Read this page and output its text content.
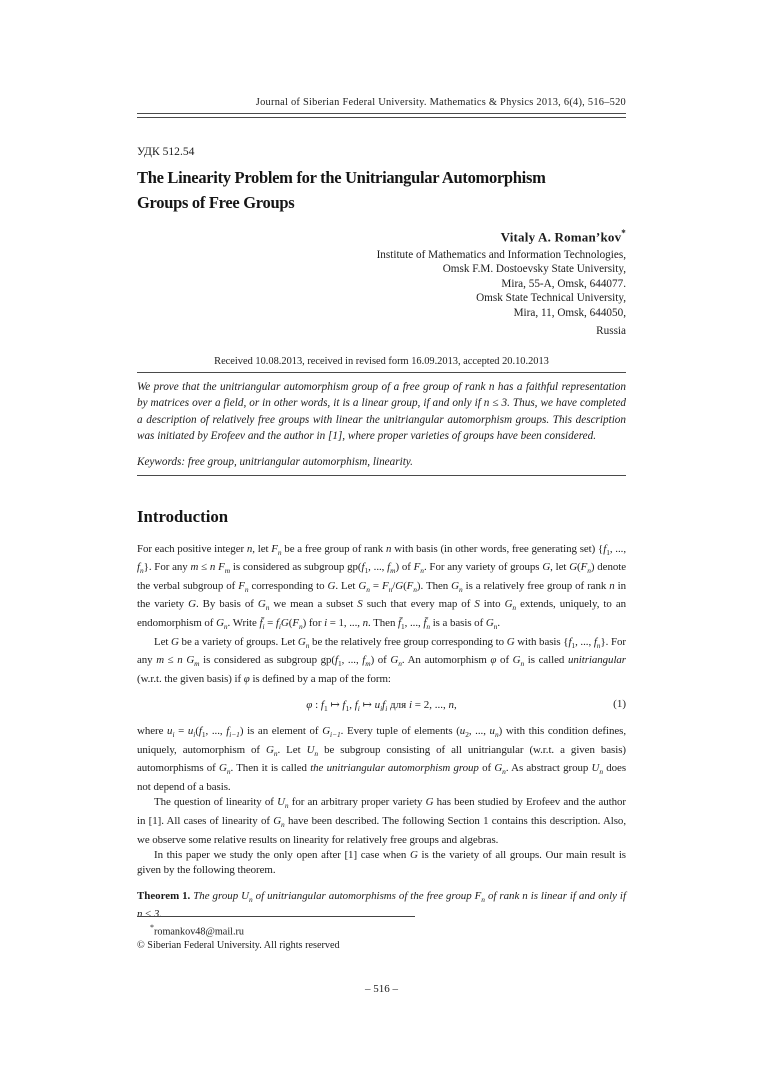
Journal of Siberian Federal University. Mathematics & Physics 2013, 6(4), 516–520
УДК 512.54
The Linearity Problem for the Unitriangular Automorphism
Groups of Free Groups
Vitaly A. Roman’kov*
Institute of Mathematics and Information Technologies,
Omsk F.M. Dostoevsky State University,
Mira, 55-A, Omsk, 644077.
Omsk State Technical University,
Mira, 11, Omsk, 644050,
Russia
Received 10.08.2013, received in revised form 16.09.2013, accepted 20.10.2013
We prove that the unitriangular automorphism group of a free group of rank n has a faithful representation by matrices over a field, or in other words, it is a linear group, if and only if n ≤ 3. Thus, we have completed a description of relatively free groups with linear the unitriangular automorphism groups. This description was initiated by Erofeev and the author in [1], where proper varieties of groups have been considered.
Keywords: free group, unitriangular automorphism, linearity.
Introduction

For each positive integer n, let $F_n$ be a free group of rank n with basis (in other words, free generating set) {$f_1$, ..., $f_n$}. For any m ≤ n $F_m$ is considered as subgroup $gp(f_1$, ..., $f_m$) of $F_n$. For any variety of groups G, let $G(F_n)$ denote the verbal subgroup of $F_n$ corresponding to G. Let $G_n = F_n/G(F_n)$. Then $G_n$ is a relatively free group of rank n in the variety G. By basis of $G_n$ we mean a subset S such that every map of S into $G_n$ extends, uniquely, to an endomorphism of $G_n$. Write $f̄_i = f_iG(F_n)$ for i = 1, ..., n. Then $f̄_1$, ..., $f̄_n$ is a basis of $G_n$.

Let G be a variety of groups. Let $G_n$ be the relatively free group corresponding to G with basis {$f_1$, ..., $f_n$}. For any m ≤ n $G_m$ is considered as subgroup $gp(f_1$, ..., $f_m$) of $G_n$. An automorphism φ of $G_n$ is called unitriangular (w.r.t. the given basis) if φ is defined by a map of the form:

φ : $f_1$ ↦ $f_1$, $f_i$ ↦ $u_if_i$ для i = 2, ..., n,	(1)

where $u_i = u_i(f_1$, ..., $f_{i-1}$) is an element of $G_{i-1}$. Every tuple of elements ($u_2$, ..., $u_n$) with this condition defines, uniquely, automorphism of $G_n$. Let $U_n$ be subgroup consisting of all unitriangular (w.r.t. a given basis) automorphisms of $G_n$. Then it is called the unitriangular automorphism group of $G_n$. As abstract group $U_n$ does not depend of a basis.

The question of linearity of $U_n$ for an arbitrary proper variety G has been studied by Erofeev and the author in [1]. All cases of linearity of $G_n$ have been described. The following Section 1 contains this description. Also, we observe some relative results on linearity for relatively free groups and algebras.

In this paper we study the only open after [1] case when G is the variety of all groups. Our main result is given by the following theorem.

Theorem 1. The group $U_n$ of unitriangular automorphisms of the free group $F_n$ of rank n is linear if and only if n ≤ 3.
*romankov48@mail.ru
© Siberian Federal University. All rights reserved
– 516 –
